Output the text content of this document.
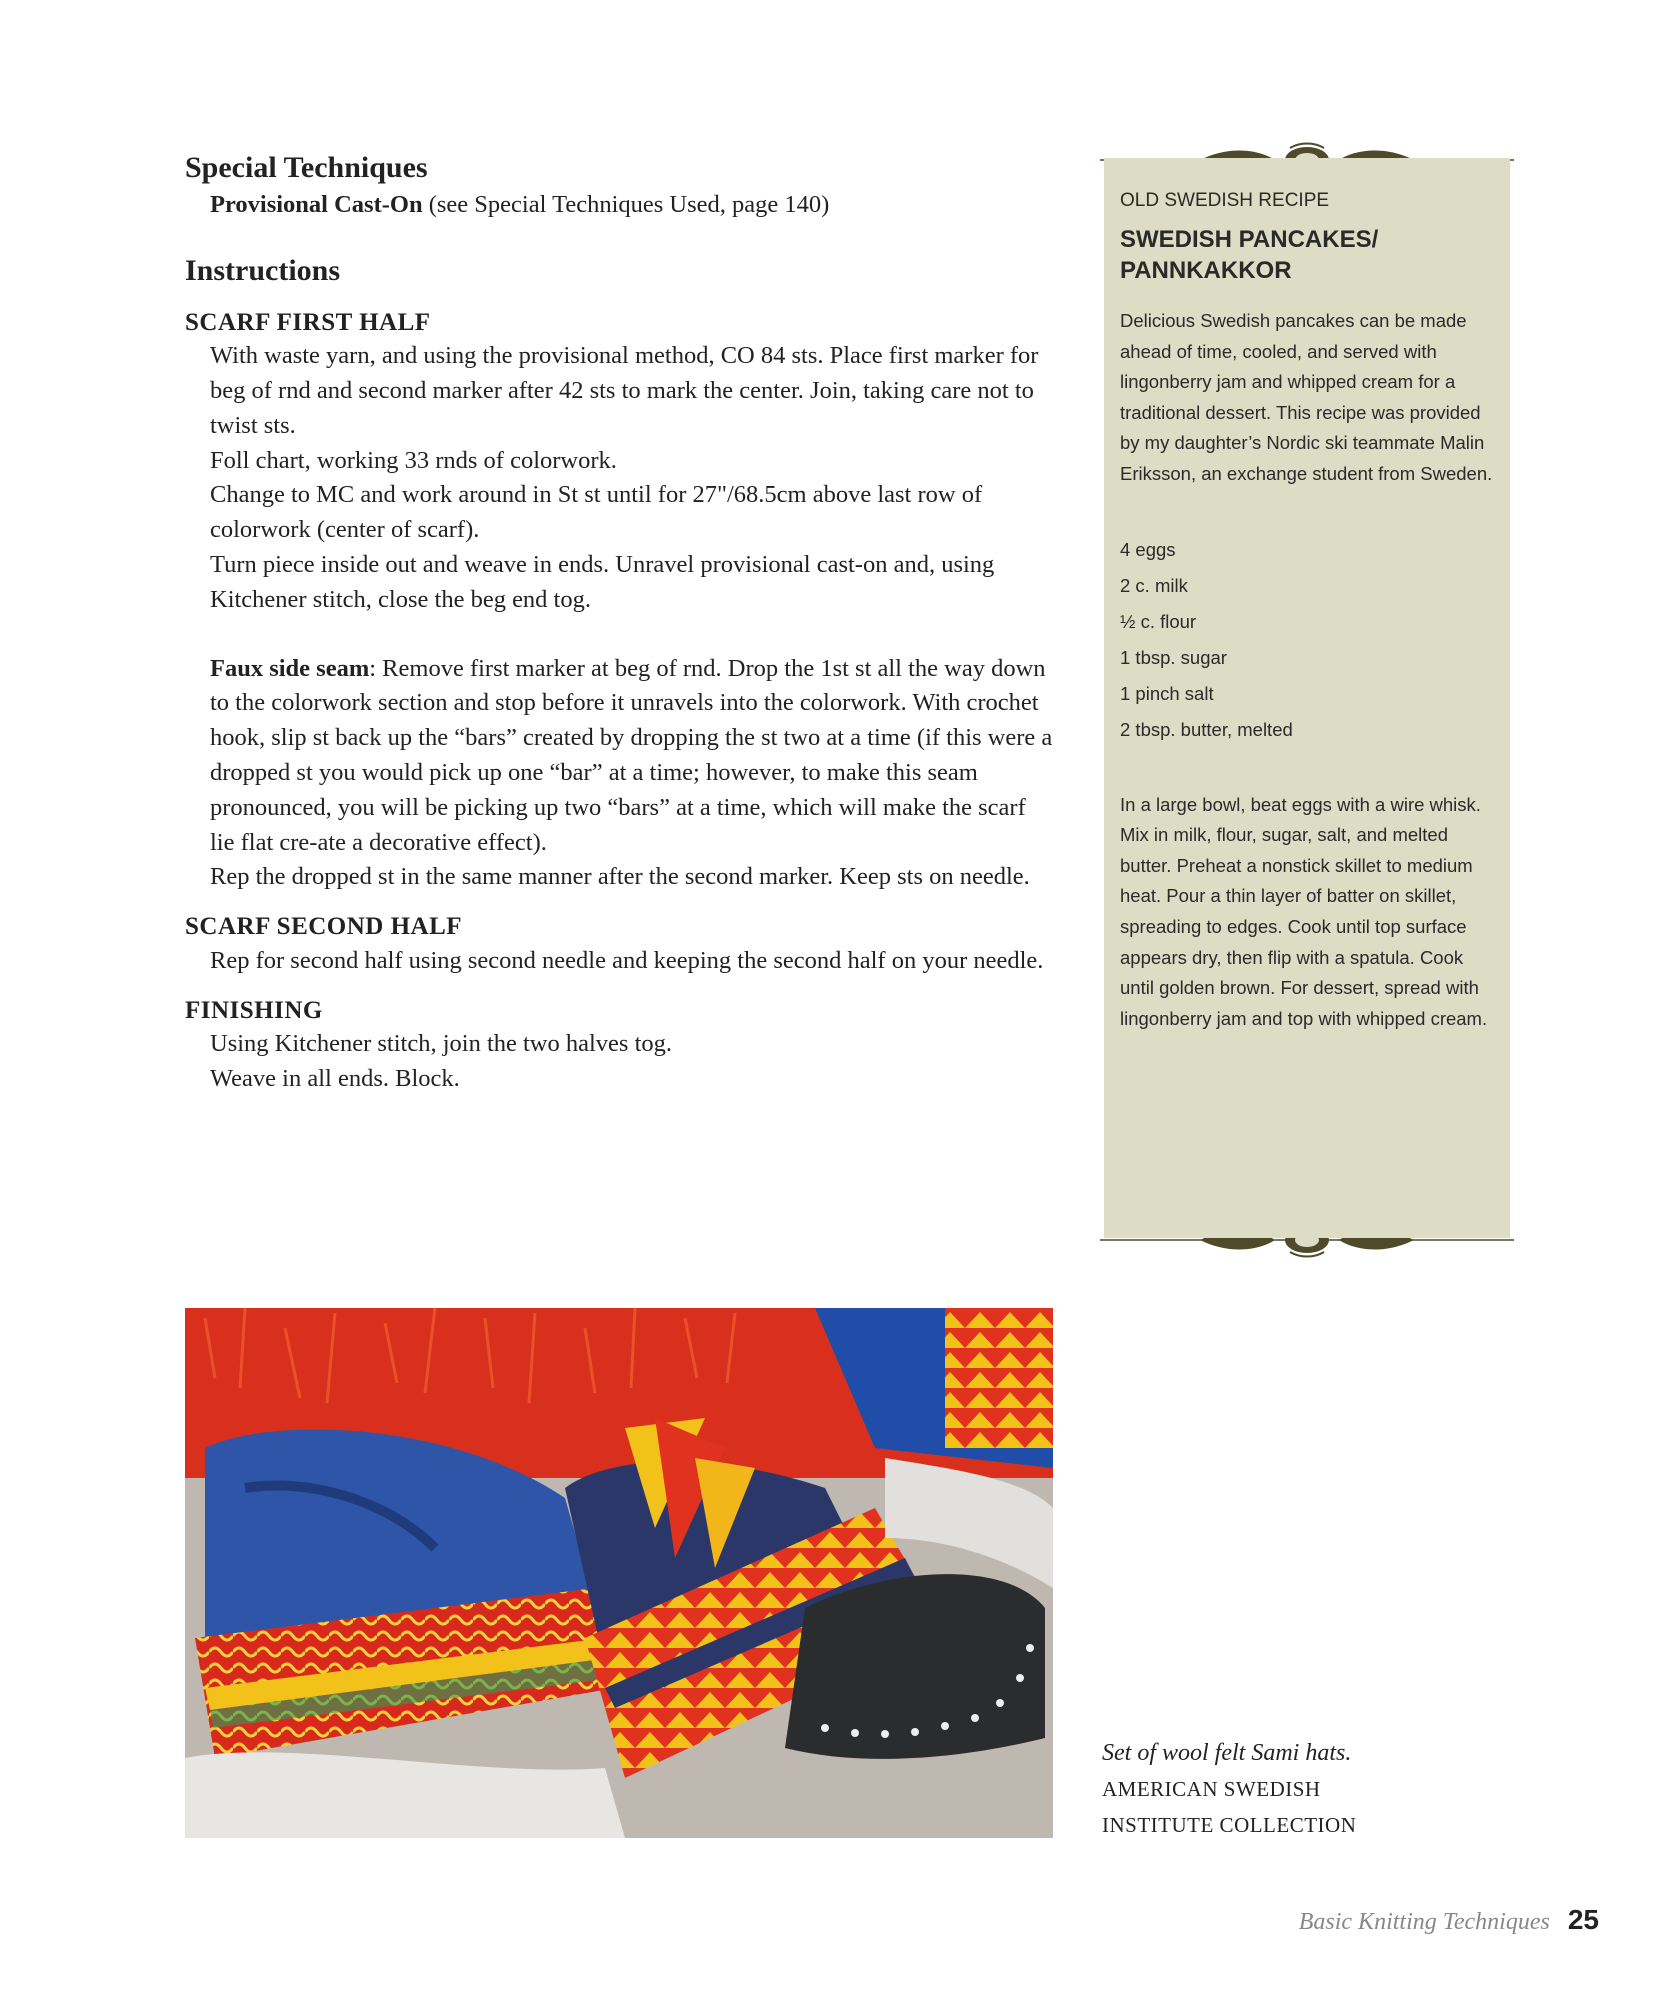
Special Techniques

Provisional Cast-On (see Special Techniques Used, page 140)

Instructions
SCARF FIRST HALF

With waste yarn, and using the provisional method, CO 84 sts. Place first marker for beg of rnd and second marker after 42 sts to mark the center. Join, taking care not to twist sts.

Foll chart, working 33 rnds of colorwork.

Change to MC and work around in St st until for 27"/68.5cm above last row of colorwork (center of scarf).

Turn piece inside out and weave in ends. Unravel provisional cast-on and, using Kitchener stitch, close the beg end tog.

Faux side seam: Remove first marker at beg of rnd. Drop the 1st st all the way down to the colorwork section and stop before it unravels into the colorwork. With crochet hook, slip st back up the “bars” created by dropping the st two at a time (if this were a dropped st you would pick up one “bar” at a time; however, to make this seam pronounced, you will be picking up two “bars” at a time, which will make the scarf lie flat cre-ate a decorative effect).

Rep the dropped st in the same manner after the second marker. Keep sts on needle.

SCARF SECOND HALF

Rep for second half using second needle and keeping the second half on your needle.

FINISHING

Using Kitchener stitch, join the two halves tog.

Weave in all ends. Block.

OLD SWEDISH RECIPE

SWEDISH PANCAKES/ PANNKAKKOR

Delicious Swedish pancakes can be made ahead of time, cooled, and served with lingonberry jam and whipped cream for a traditional dessert. This recipe was provided by my daughter’s Nordic ski teammate Malin Eriksson, an exchange student from Sweden.

4 eggs
2 c. milk
½ c. flour
1 tbsp. sugar
1 pinch salt
2 tbsp. butter, melted

In a large bowl, beat eggs with a wire whisk. Mix in milk, flour, sugar, salt, and melted butter. Preheat a nonstick skillet to medium heat. Pour a thin layer of batter on skillet, spreading to edges. Cook until top surface appears dry, then flip with a spatula. Cook until golden brown. For dessert, spread with lingonberry jam and top with whipped cream.

Set of wool felt Sami hats.

AMERICAN SWEDISH

INSTITUTE COLLECTION

Basic Knitting Techniques 25
